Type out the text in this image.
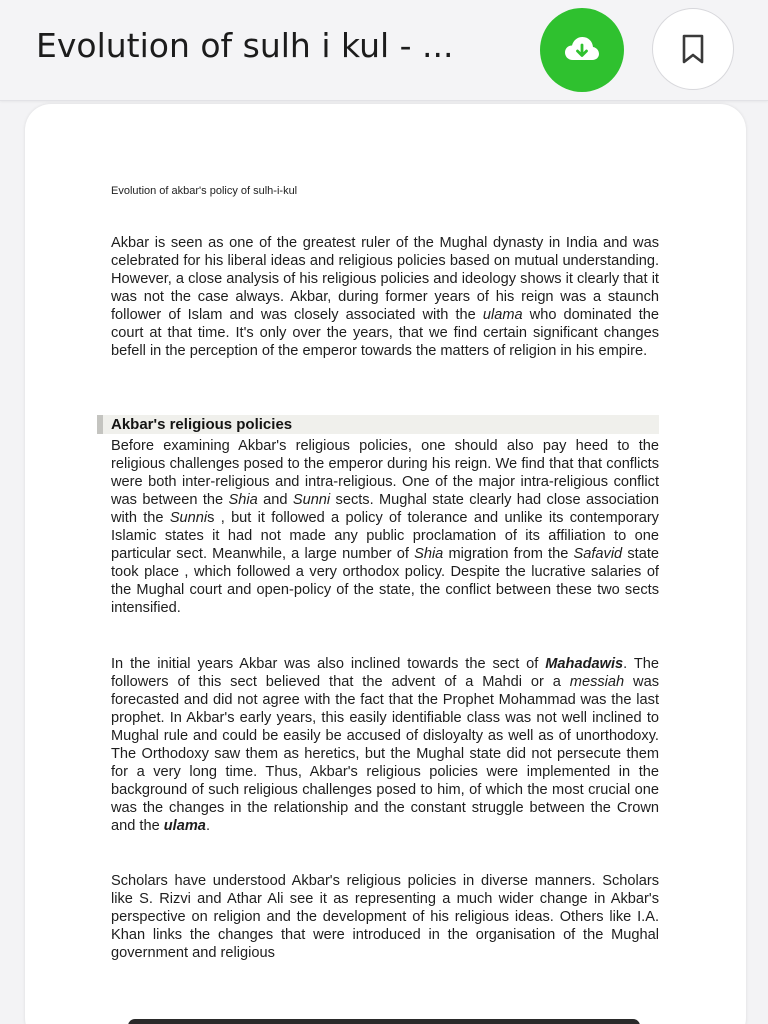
Evolution of sulh i kul - ...
Evolution of akbar's policy of sulh-i-kul

Akbar is seen as one of the greatest ruler of the Mughal dynasty in India and was celebrated for his liberal ideas and religious policies based on mutual understanding. However, a close analysis of his religious policies and ideology shows it clearly that it was not the case always. Akbar, during former years of his reign was a staunch follower of Islam and was closely associated with the ulama who dominated the court at that time. It's only over the years, that we find certain significant changes befell in the perception of the emperor towards the matters of religion in his empire.

Akbar's religious policies

Before examining Akbar's religious policies, one should also pay heed to the religious challenges posed to the emperor during his reign. We find that that conflicts were both inter-religious and intra-religious. One of the major intra-religious conflict was between the Shia and Sunni sects. Mughal state clearly had close association with the Sunnis , but it followed a policy of tolerance and unlike its contemporary Islamic states it had not made any public proclamation of its affiliation to one particular sect. Meanwhile, a large number of Shia migration from the Safavid state took place , which followed a very orthodox policy. Despite the lucrative salaries of the Mughal court and open-policy of the state, the conflict between these two sects intensified.

In the initial years Akbar was also inclined towards the sect of Mahadawis. The followers of this sect believed that the advent of a Mahdi or a messiah was forecasted and did not agree with the fact that the Prophet Mohammad was the last prophet. In Akbar's early years, this easily identifiable class was not well inclined to Mughal rule and could be easily be accused of disloyalty as well as of unorthodoxy. The Orthodoxy saw them as heretics, but the Mughal state did not persecute them for a very long time. Thus, Akbar's religious policies were implemented in the background of such religious challenges posed to him, of which the most crucial one was the changes in the relationship and the constant struggle between the Crown and the ulama.

Scholars have understood Akbar's religious policies in diverse manners. Scholars like S. Rizvi and Athar Ali see it as representing a much wider change in Akbar's perspective on religion and the development of his religious ideas. Others like I.A. Khan links the changes that were introduced in the organisation of the Mughal government and religious
